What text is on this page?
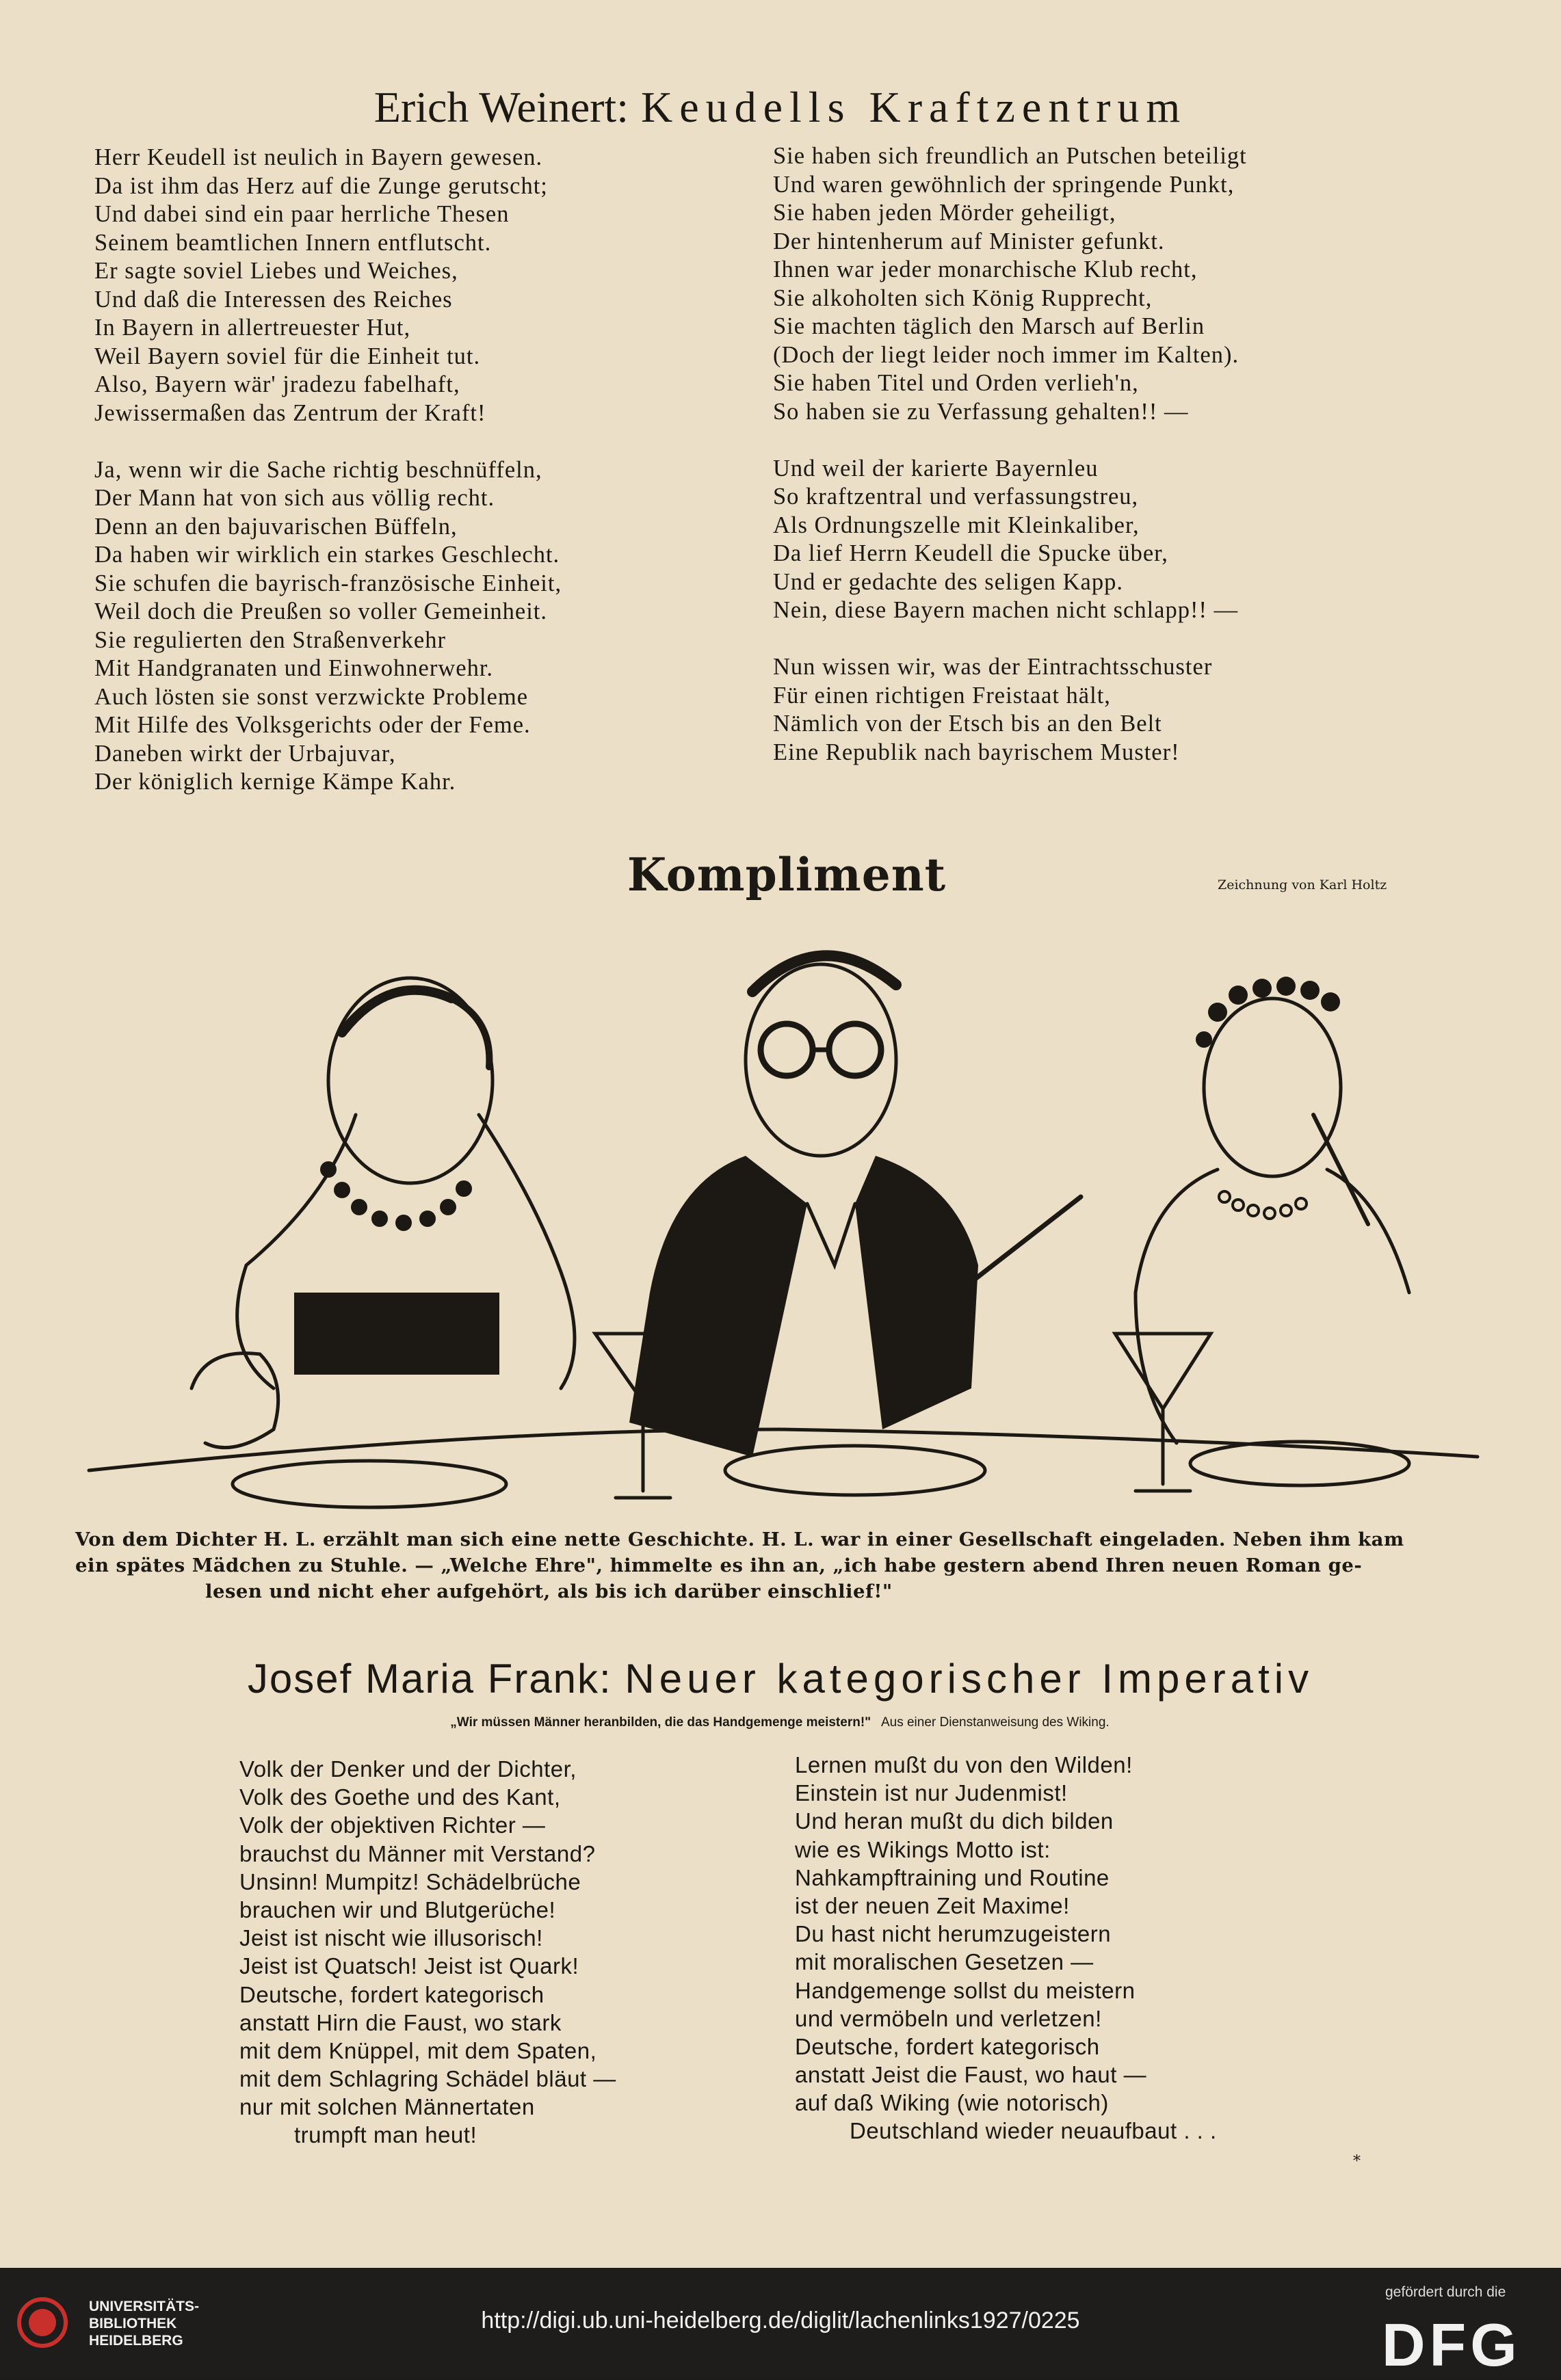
Erich Weinert: Keudells Kraftzentrum
Herr Keudell ist neulich in Bayern gewesen.
Da ist ihm das Herz auf die Zunge gerutscht;
Und dabei sind ein paar herrliche Thesen
Seinem beamtlichen Innern entflutscht.
Er sagte soviel Liebes und Weiches,
Und daß die Interessen des Reiches
In Bayern in allertreuester Hut,
Weil Bayern soviel für die Einheit tut.
Also, Bayern wär' jradezu fabelhaft,
Jewissermaßen das Zentrum der Kraft!
Ja, wenn wir die Sache richtig beschnüffeln,
Der Mann hat von sich aus völlig recht.
Denn an den bajuvarischen Büffeln,
Da haben wir wirklich ein starkes Geschlecht.
Sie schufen die bayrisch-französische Einheit,
Weil doch die Preußen so voller Gemeinheit.
Sie regulierten den Straßenverkehr
Mit Handgranaten und Einwohnerwehr.
Auch lösten sie sonst verzwickte Probleme
Mit Hilfe des Volksgerichts oder der Feme.
Daneben wirkt der Urbajuvar,
Der königlich kernige Kämpe Kahr.
Sie haben sich freundlich an Putschen beteiligt
Und waren gewöhnlich der springende Punkt,
Sie haben jeden Mörder geheiligt,
Der hintenherum auf Minister gefunkt.
Ihnen war jeder monarchische Klub recht,
Sie alkoholten sich König Rupprecht,
Sie machten täglich den Marsch auf Berlin
(Doch der liegt leider noch immer im Kalten).
Sie haben Titel und Orden verlieh'n,
So haben sie zu Verfassung gehalten!! —
Und weil der karierte Bayernleu
So kraftzentral und verfassungstreu,
Als Ordnungszelle mit Kleinkaliber,
Da lief Herrn Keudell die Spucke über,
Und er gedachte des seligen Kapp.
Nein, diese Bayern machen nicht schlapp!! —
Nun wissen wir, was der Eintrachtsschuster
Für einen richtigen Freistaat hält,
Nämlich von der Etsch bis an den Belt
Eine Republik nach bayrischem Muster!
Kompliment	Zeichnung von Karl Holtz
Von dem Dichter H. L. erzählt man sich eine nette Geschichte. H. L. war in einer Gesellschaft eingeladen. Neben ihm kam
ein spätes Mädchen zu Stuhle. — „Welche Ehre", himmelte es ihn an, „ich habe gestern abend Ihren neuen Roman ge-
lesen und nicht eher aufgehört, als bis ich darüber einschlief!"
Josef Maria Frank: Neuer kategorischer Imperativ
„Wir müssen Männer heranbilden, die das Handgemenge meistern!" Aus einer Dienstanweisung des Wiking.
Volk der Denker und der Dichter,
Volk des Goethe und des Kant,
Volk der objektiven Richter —
brauchst du Männer mit Verstand?
Unsinn! Mumpitz! Schädelbrüche
brauchen wir und Blutgerüche!
Jeist ist nischt wie illusorisch!
Jeist ist Quatsch! Jeist ist Quark!
Deutsche, fordert kategorisch
anstatt Hirn die Faust, wo stark
mit dem Knüppel, mit dem Spaten,
mit dem Schlagring Schädel bläut —
nur mit solchen Männertaten
trumpft man heut!
Lernen mußt du von den Wilden!
Einstein ist nur Judenmist!
Und heran mußt du dich bilden
wie es Wikings Motto ist:
Nahkampftraining und Routine
ist der neuen Zeit Maxime!
Du hast nicht herumzugeistern
mit moralischen Gesetzen —
Handgemenge sollst du meistern
und vermöbeln und verletzen!
Deutsche, fordert kategorisch
anstatt Jeist die Faust, wo haut —
auf daß Wiking (wie notorisch)
Deutschland wieder neuaufbaut . . .
*
UNIVERSITÄTS-
BIBLIOTHEK
HEIDELBERG
http://digi.ub.uni-heidelberg.de/diglit/lachenlinks1927/0225
gefördert durch die
DFG
